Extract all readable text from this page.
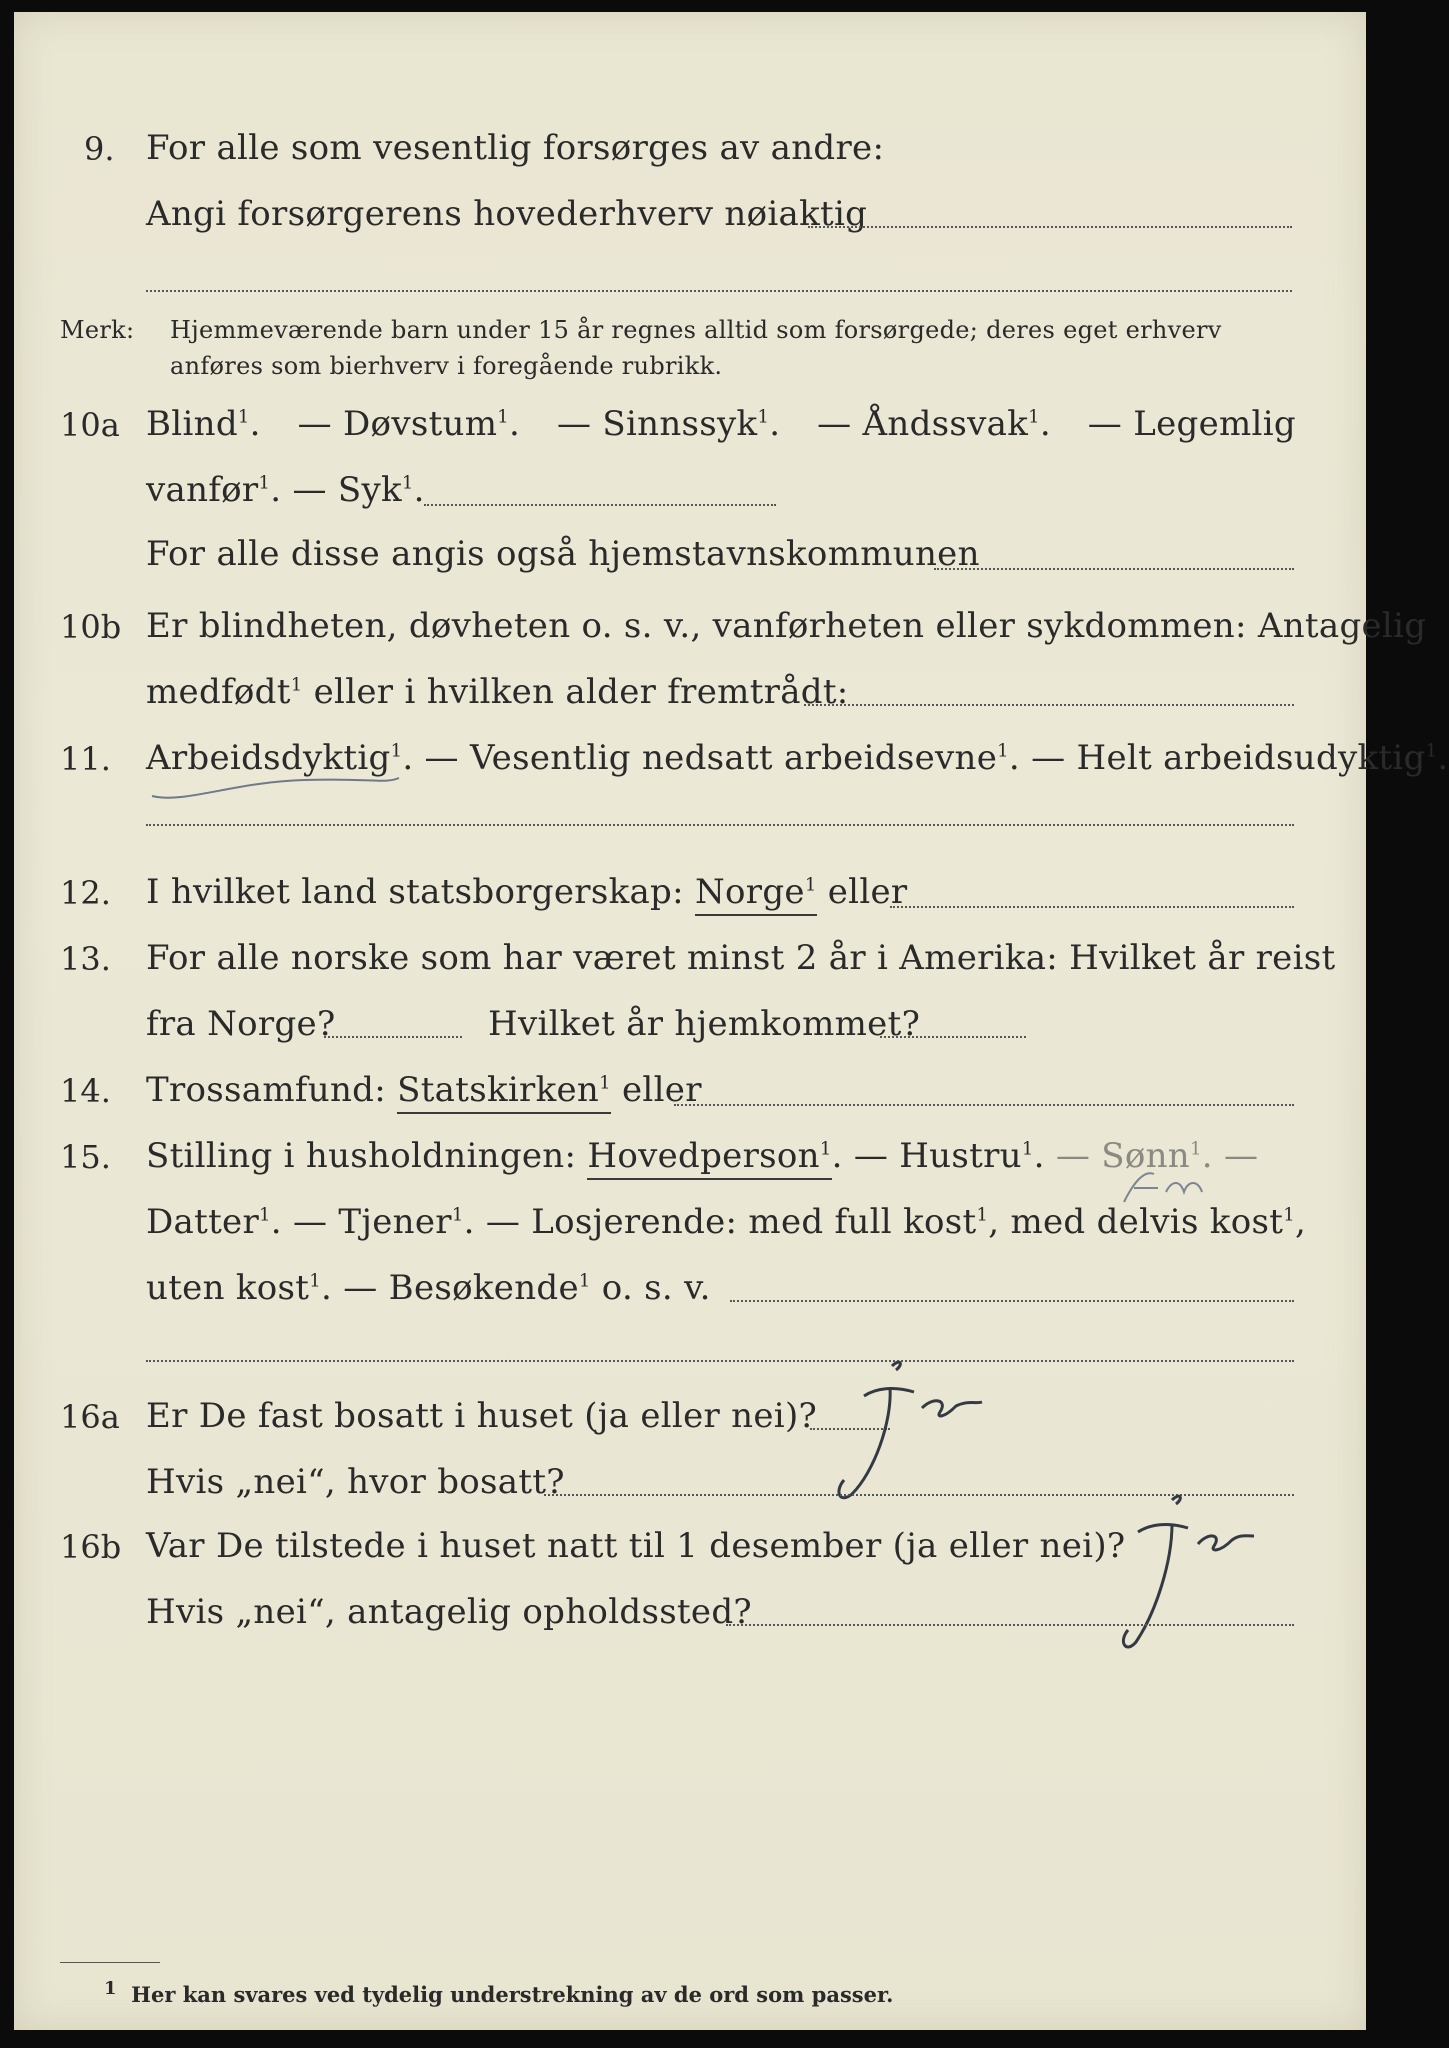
9. For alle som vesentlig forsørges av andre:
Angi forsørgerens hovederhverv nøiaktig
Merk: Hjemmeværende barn under 15 år regnes alltid som forsørgede; deres eget erhverv
anføres som bierhverv i foregående rubrikk.
10a Blind$^1$. — Døvstum$^1$. — Sinnssyk$^1$. — Åndssvak$^1$. — Legemlig
vanfør$^1$. — Syk$^1$.
For alle disse angis også hjemstavnskommunen
10b Er blindheten, døvheten o. s. v., vanførheten eller sykdommen: Antagelig
medfødt$^1$ eller i hvilken alder fremtrådt:
11. Arbeidsdyktig$^1$. — Vesentlig nedsatt arbeidsevne$^1$. — Helt arbeidsudyktig$^1$.
12. I hvilket land statsborgerskap: Norge$^1$ eller
13. For alle norske som har været minst 2 år i Amerika: Hvilket år reist
fra Norge?	Hvilket år hjemkommet?
14. Trossamfund: Statskirken$^1$ eller
15. Stilling i husholdningen: Hovedperson$^1$. — Hustru$^1$. — Sønn$^1$. —
Datter$^1$. — Tjener$^1$. — Losjerende: med full kost$^1$, med delvis kost$^1$,
uten kost$^1$. — Besøkende$^1$ o. s. v.
16a Er De fast bosatt i huset (ja eller nei)?
Hvis „nei“, hvor bosatt?
16b Var De tilstede i huset natt til 1 desember (ja eller nei)?
Hvis „nei“, antagelig opholdssted?
$^1$ Her kan svares ved tydelig understrekning av de ord som passer.
